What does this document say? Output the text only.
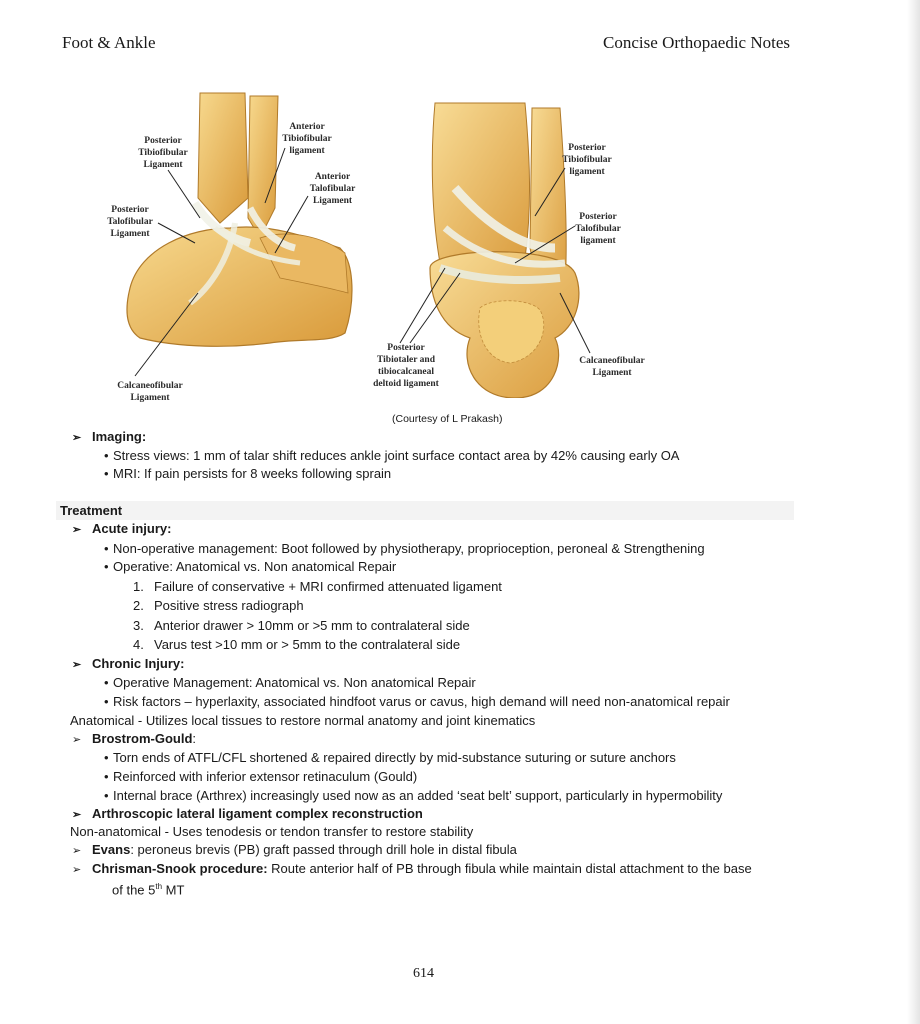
Foot & Ankle	Concise Orthopaedic Notes
Posterior
Tibiofibular
Ligament
Anterior
Tibiofibular
ligament
Anterior
Talofibular
Ligament
Posterior
Talofibular
Ligament
Calcaneofibular
Ligament
Posterior
Tibiofibular
ligament
Posterior
Talofibular
ligament
Posterior
Tibiotaler and
tibiocalcaneal
deltoid ligament
Calcaneofibular
Ligament
(Courtesy of L Prakash)
➢ Imaging:
• Stress views: 1 mm of talar shift reduces ankle joint surface contact area by 42% causing early OA
• MRI: If pain persists for 8 weeks following sprain
Treatment
➢ Acute injury:
• Non-operative management: Boot followed by physiotherapy, proprioception, peroneal & Strengthening
• Operative: Anatomical vs. Non anatomical Repair
1. Failure of conservative + MRI confirmed attenuated ligament
2. Positive stress radiograph
3. Anterior drawer > 10mm or >5 mm to contralateral side
4. Varus test >10 mm or > 5mm to the contralateral side
➢ Chronic Injury:
• Operative Management: Anatomical vs. Non anatomical Repair
• Risk factors – hyperlaxity, associated hindfoot varus or cavus, high demand will need non-anatomical repair
Anatomical - Utilizes local tissues to restore normal anatomy and joint kinematics
➢ Brostrom-Gould:
• Torn ends of ATFL/CFL shortened & repaired directly by mid-substance suturing or suture anchors
• Reinforced with inferior extensor retinaculum (Gould)
• Internal brace (Arthrex) increasingly used now as an added ‘seat belt’ support, particularly in hypermobility
➢ Arthroscopic lateral ligament complex reconstruction
Non-anatomical - Uses tenodesis or tendon transfer to restore stability
➢ Evans: peroneus brevis (PB) graft passed through drill hole in distal fibula
➢ Chrisman-Snook procedure: Route anterior half of PB through fibula while maintain distal attachment to the base
of the 5th MT
614
